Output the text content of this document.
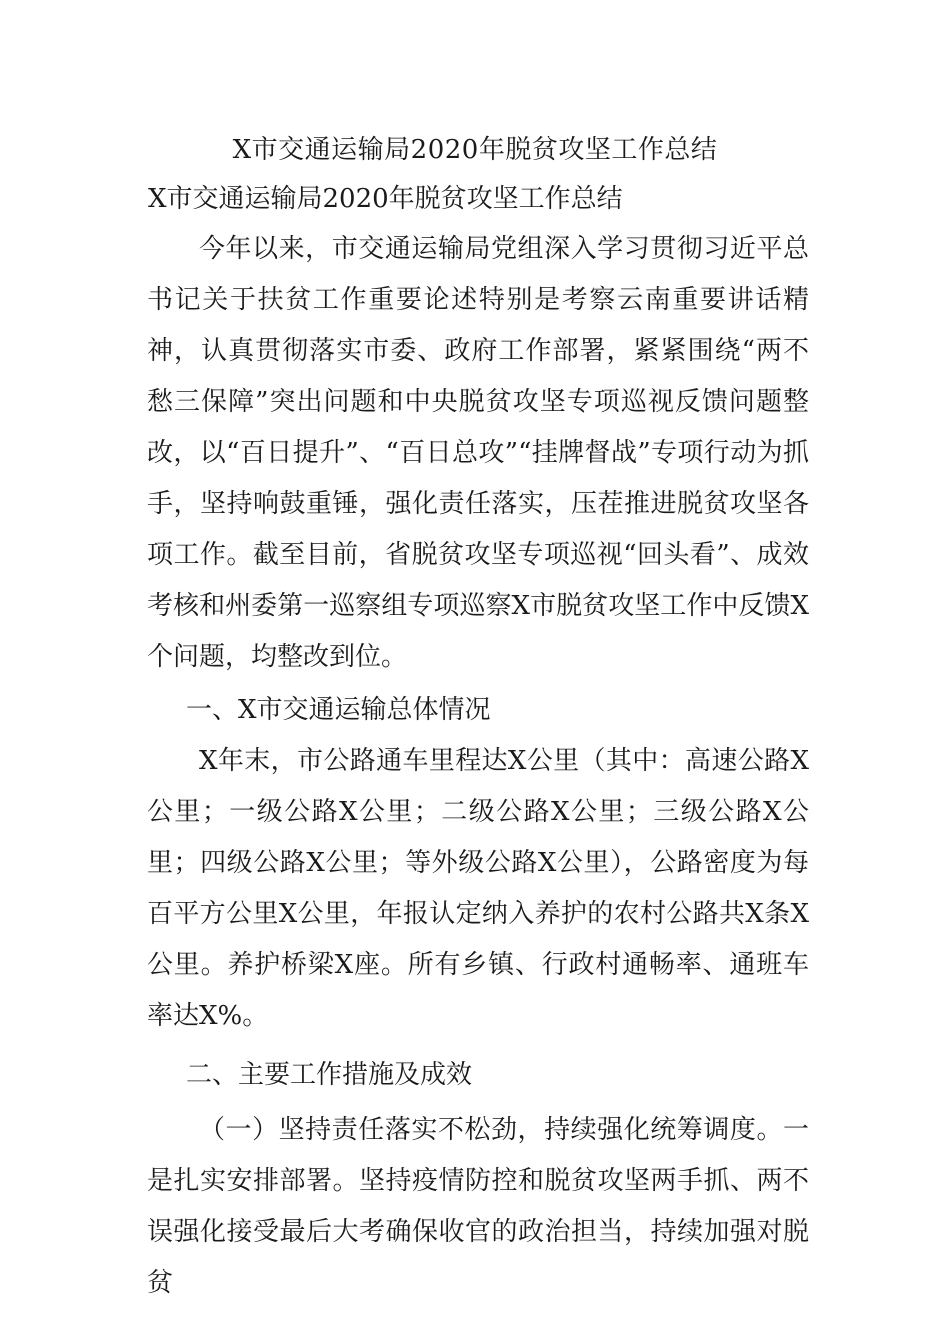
X市交通运输局2020年脱贫攻坚工作总结
X市交通运输局2020年脱贫攻坚工作总结

今年以来，市交通运输局党组深入学习贯彻习近平总书记关于扶贫工作重要论述特别是考察云南重要讲话精神，认真贯彻落实市委、政府工作部署，紧紧围绕“两不愁三保障”突出问题和中央脱贫攻坚专项巡视反馈问题整改，以“百日提升”、“百日总攻”“挂牌督战”专项行动为抓手，坚持响鼓重锤，强化责任落实，压茬推进脱贫攻坚各项工作。截至目前，省脱贫攻坚专项巡视“回头看”、成效考核和州委第一巡察组专项巡察X市脱贫攻坚工作中反馈X个问题，均整改到位。

一、X市交通运输总体情况

X年末，市公路通车里程达X公里（其中：高速公路X公里；一级公路X公里；二级公路X公里；三级公路X公里；四级公路X公里；等外级公路X公里），公路密度为每百平方公里X公里，年报认定纳入养护的农村公路共X条X公里。养护桥梁X座。所有乡镇、行政村通畅率、通班车率达X%。

二、主要工作措施及成效

（一）坚持责任落实不松劲，持续强化统筹调度。一是扎实安排部署。坚持疫情防控和脱贫攻坚两手抓、两不误强化接受最后大考确保收官的政治担当，持续加强对脱贫
